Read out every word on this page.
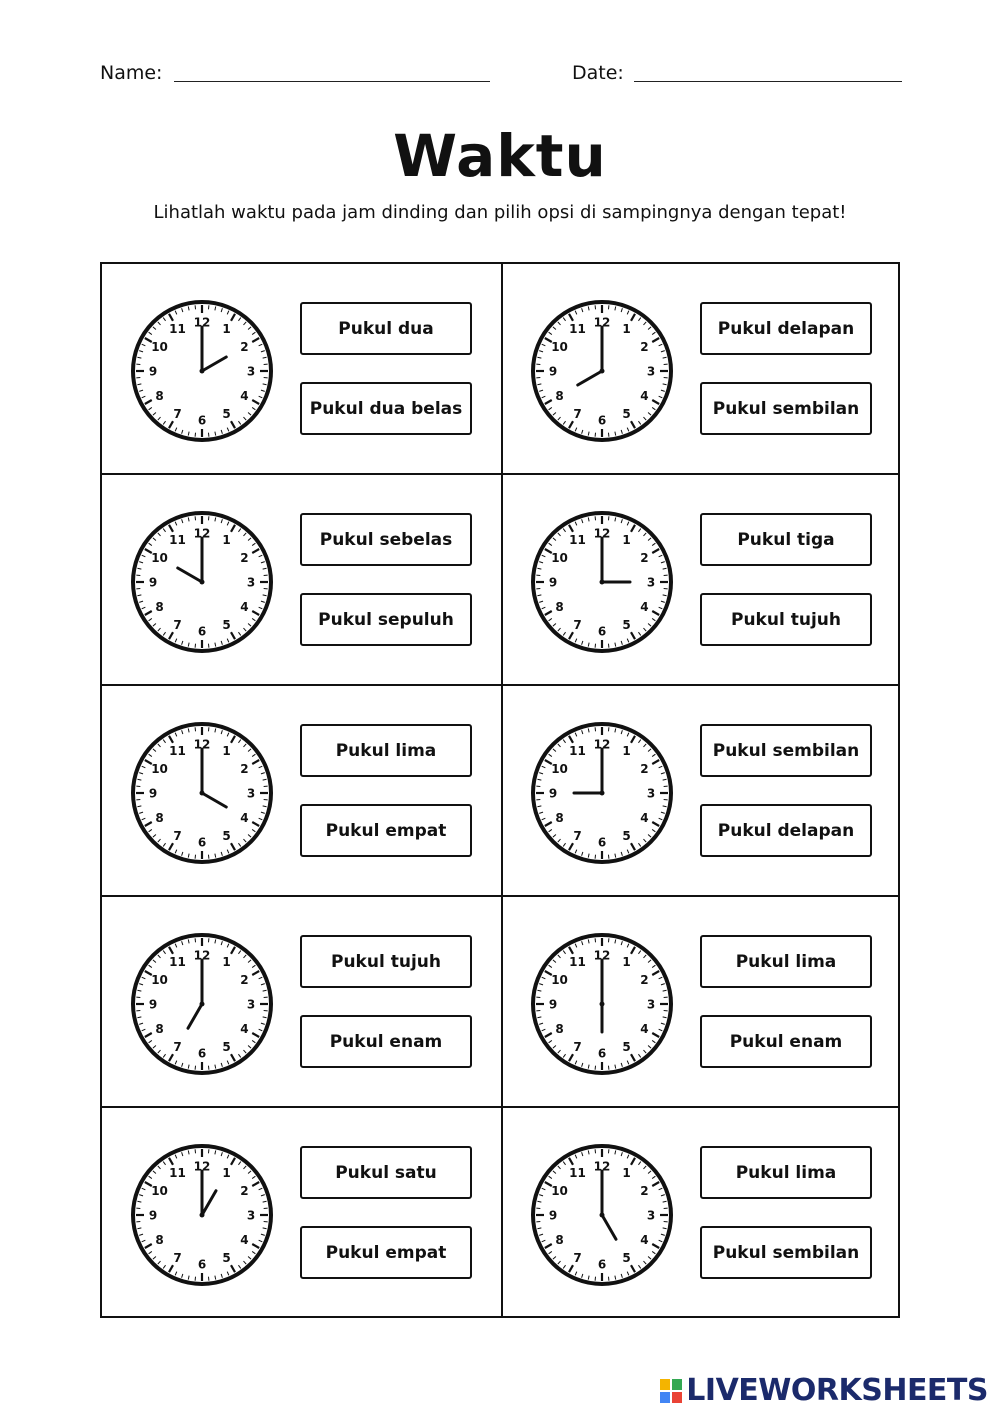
Name:	Date:
Waktu
Lihatlah waktu pada jam dinding dan pilih opsi di sampingnya dengan tepat!
12 1
2
3
4
5
6
7
8
9
10
11	Pukul dua
Pukul dua belas
12 1
2
3
4
5
6
7
8
9
10
11	Pukul delapan
Pukul sembilan
12 1
2
3
4
5
6
7
8
9
10
11	Pukul sebelas
Pukul sepuluh
12 1
2
3
4
5
6
7
8
9
10
11	Pukul tiga
Pukul tujuh
12 1
2
3
4
5
6
7
8
9
10
11	Pukul lima
Pukul empat
12 1
2
3
4
5
6
7
8
9
10
11	Pukul sembilan
Pukul delapan
12 1
2
3
4
5
6
7
8
9
10
11	Pukul tujuh
Pukul enam
12 1
2
3
4
5
6
7
8
9
10
11	Pukul lima
Pukul enam
12 1
2
3
4
5
6
7
8
9
10
11	Pukul satu
Pukul empat
12 1
2
3
4
5
6
7
8
9
10
11	Pukul lima
Pukul sembilan
LIVEWORKSHEETS
